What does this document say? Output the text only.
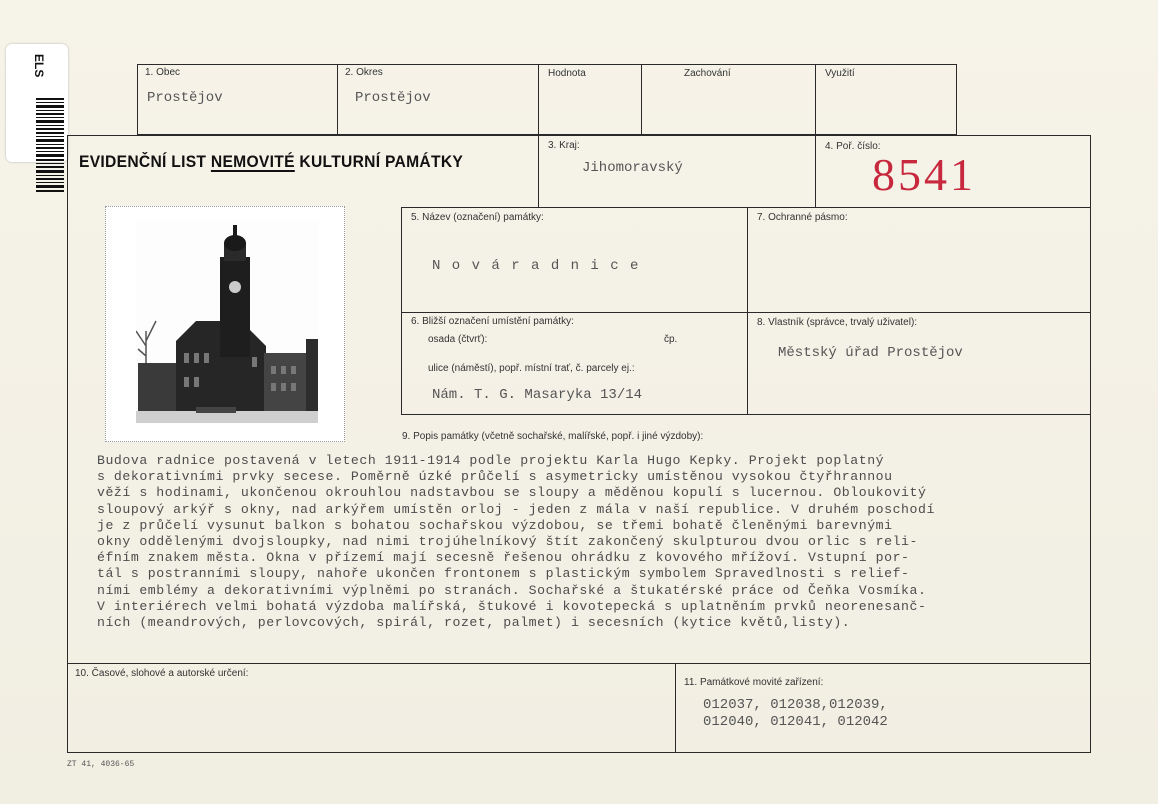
ELS	1. Obec
Prostějov
2. Okres
Prostějov
Hodnota	Zachování	Využití
EVIDENČNÍ LIST NEMOVITÉ KULTURNÍ PAMÁTKY
3. Kraj:
Jihomoravský
4. Poř. číslo:
8541
5. Název (označení) památky:
N o v á r a d n i c e
7. Ochranné pásmo:
6. Bližší označení umístění památky:
osada (čtvrť):	čp.
ulice (náměstí), popř. místní trať, č. parcely ej.:
Nám. T. G. Masaryka 13/14
8. Vlastník (správce, trvalý uživatel):
Městský úřad Prostějov
9. Popis památky (včetně sochařské, malířské, popř. i jiné výzdoby):
Budova radnice postavená v letech 1911-1914 podle projektu Karla Hugo Kepky. Projekt poplatný
s dekorativními prvky secese. Poměrně úzké průčelí s asymetricky umístěnou vysokou čtyřhrannou
věží s hodinami, ukončenou okrouhlou nadstavbou se sloupy a měděnou kopulí s lucernou. Obloukovitý
sloupový arkýř s okny, nad arkýřem umístěn orloj - jeden z mála v naší republice. V druhém poschodí
je z průčelí vysunut balkon s bohatou sochařskou výzdobou, se třemi bohatě členěnými barevnými
okny oddělenými dvojsloupky, nad nimi trojúhelníkový štít zakončený skulpturou dvou orlic s reli-
éfním znakem města. Okna v přízemí mají secesně řešenou ohrádku z kovového mřížoví. Vstupní por-
tál s postranními sloupy, nahoře ukončen frontonem s plastickým symbolem Spravedlnosti s relief-
ními emblémy a dekorativními výplněmi po stranách. Sochařské a štukatérské práce od Čeňka Vosmíka.
V interiérech velmi bohatá výzdoba malířská, štukové i kovotepecká s uplatněním prvků neorenesanč-
ních (meandrových, perlovcových, spirál, rozet, palmet) i secesních (kytice květů,listy).
10. Časové, slohové a autorské určení:
11. Památkové movité zařízení:
012037, 012038,012039,
012040, 012041, 012042
ZT 41, 4036-65
